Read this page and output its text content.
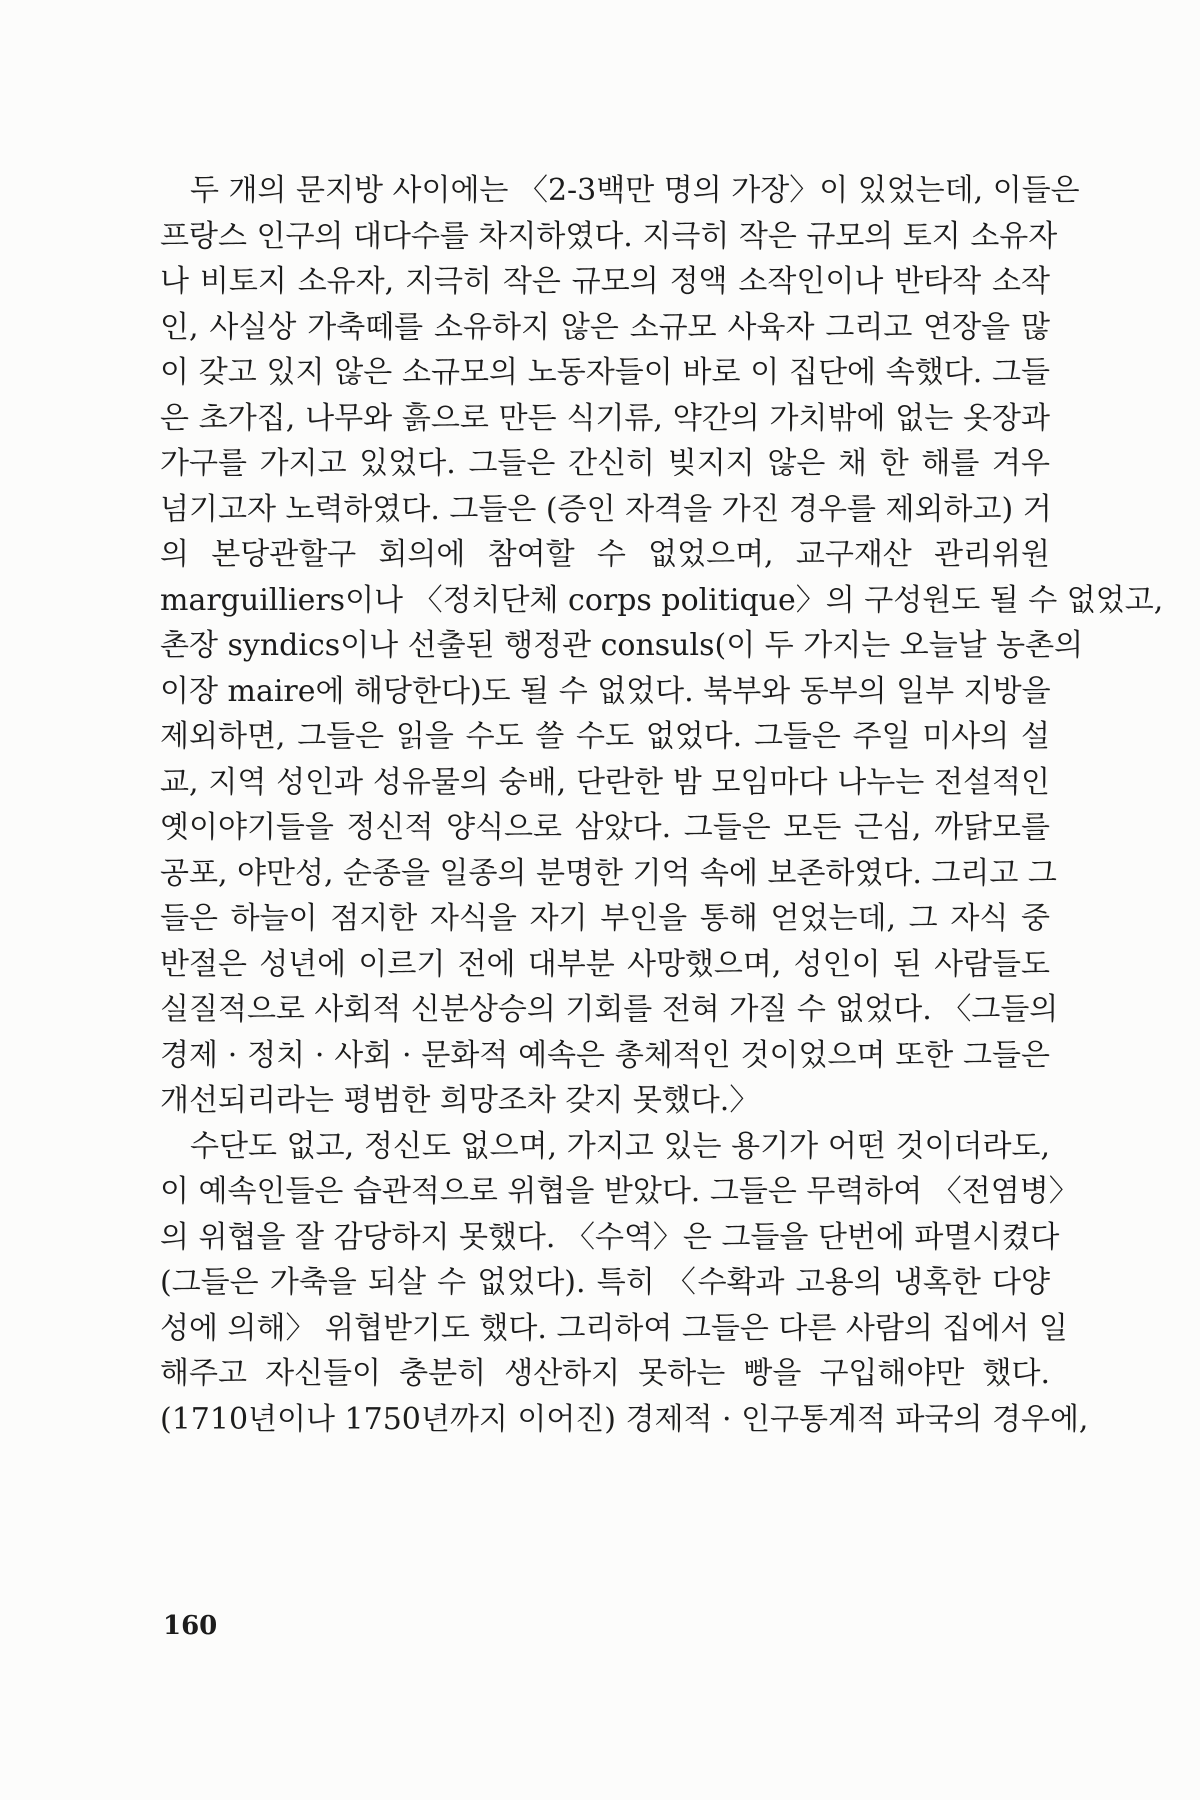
두 개의 문지방 사이에는 〈2-3백만 명의 가장〉이 있었는데, 이들은
프랑스 인구의 대다수를 차지하였다. 지극히 작은 규모의 토지 소유자
나 비토지 소유자, 지극히 작은 규모의 정액 소작인이나 반타작 소작
인, 사실상 가축떼를 소유하지 않은 소규모 사육자 그리고 연장을 많
이 갖고 있지 않은 소규모의 노동자들이 바로 이 집단에 속했다. 그들
은 초가집, 나무와 흙으로 만든 식기류, 약간의 가치밖에 없는 옷장과
가구를 가지고 있었다. 그들은 간신히 빚지지 않은 채 한 해를 겨우
넘기고자 노력하였다. 그들은 (증인 자격을 가진 경우를 제외하고) 거
의 본당관할구 회의에 참여할 수 없었으며, 교구재산 관리위원
marguilliers이나 〈정치단체 corps politique〉의 구성원도 될 수 없었고,
촌장 syndics이나 선출된 행정관 consuls(이 두 가지는 오늘날 농촌의
이장 maire에 해당한다)도 될 수 없었다. 북부와 동부의 일부 지방을
제외하면, 그들은 읽을 수도 쓸 수도 없었다. 그들은 주일 미사의 설
교, 지역 성인과 성유물의 숭배, 단란한 밤 모임마다 나누는 전설적인
옛이야기들을 정신적 양식으로 삼았다. 그들은 모든 근심, 까닭모를
공포, 야만성, 순종을 일종의 분명한 기억 속에 보존하였다. 그리고 그
들은 하늘이 점지한 자식을 자기 부인을 통해 얻었는데, 그 자식 중
반절은 성년에 이르기 전에 대부분 사망했으며, 성인이 된 사람들도
실질적으로 사회적 신분상승의 기회를 전혀 가질 수 없었다. 〈그들의
경제 · 정치 · 사회 · 문화적 예속은 총체적인 것이었으며 또한 그들은
개선되리라는 평범한 희망조차 갖지 못했다.〉
수단도 없고, 정신도 없으며, 가지고 있는 용기가 어떤 것이더라도,
이 예속인들은 습관적으로 위협을 받았다. 그들은 무력하여 〈전염병〉
의 위협을 잘 감당하지 못했다. 〈수역〉은 그들을 단번에 파멸시켰다
(그들은 가축을 되살 수 없었다). 특히 〈수확과 고용의 냉혹한 다양
성에 의해〉 위협받기도 했다. 그리하여 그들은 다른 사람의 집에서 일
해주고 자신들이 충분히 생산하지 못하는 빵을 구입해야만 했다.
(1710년이나 1750년까지 이어진) 경제적 · 인구통계적 파국의 경우에,
160
